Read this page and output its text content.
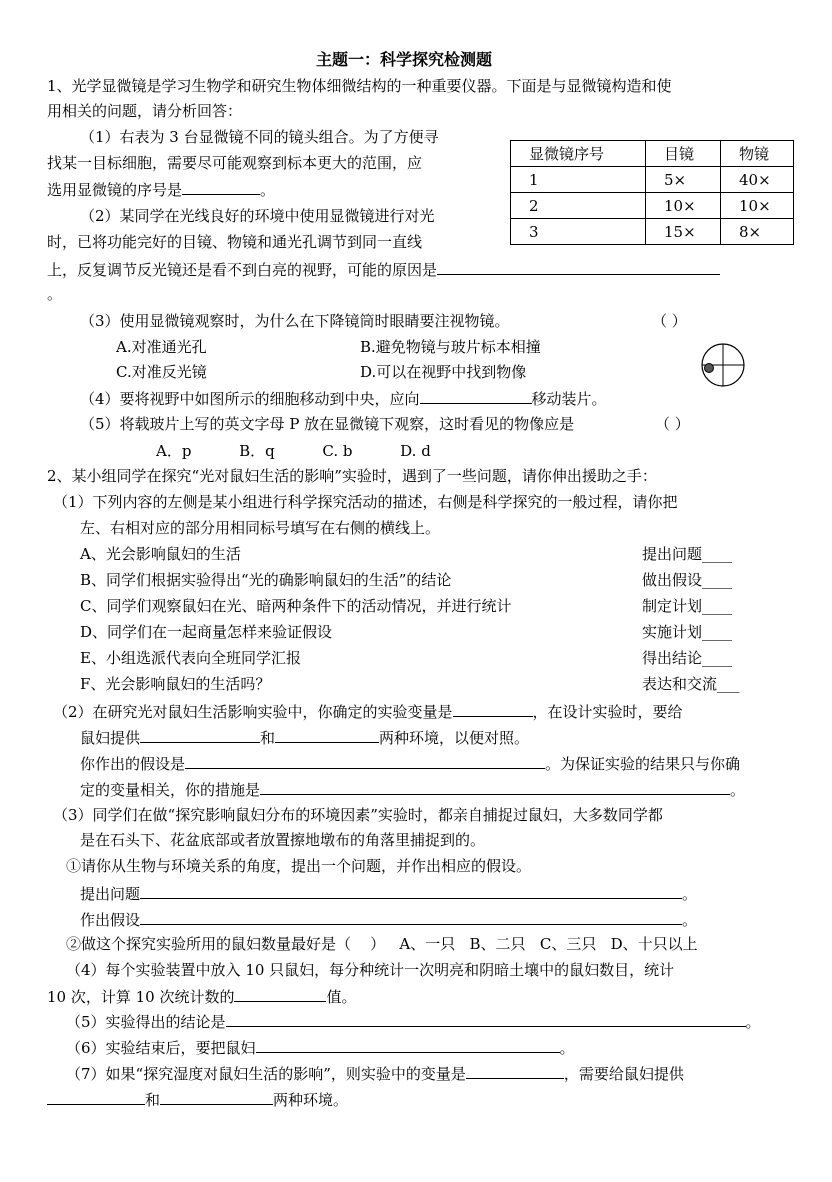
主题一：科学探究检测题
1、光学显微镜是学习生物学和研究生物体细微结构的一种重要仪器。下面是与显微镜构造和使
用相关的问题，请分析回答：
（1）右表为 3 台显微镜不同的镜头组合。为了方便寻
找某一目标细胞，需要尽可能观察到标本更大的范围，应
选用显微镜的序号是	。
（2）某同学在光线良好的环境中使用显微镜进行对光
时，已将功能完好的目镜、物镜和通光孔调节到同一直线
上，反复调节反光镜还是看不到白亮的视野，可能的原因是
。
显微镜序号	目镜	物镜
1	5×	40×
2	10×	10×
3	15×	8×
（3）使用显微镜观察时，为什么在下降镜筒时眼睛要注视物镜。	（ ）
A.对准通光孔	B.避免物镜与玻片标本相撞
C.对准反光镜	D.可以在视野中找到物像
（4）要将视野中如图所示的细胞移动到中央，应向	移动装片。
（5）将载玻片上写的英文字母 P 放在显微镜下观察，这时看见的物像应是	（ ）
A．p          B．q          C. b          D. d
2、某小组同学在探究“光对鼠妇生活的影响”实验时，遇到了一些问题，请你伸出援助之手：
（1）下列内容的左侧是某小组进行科学探究活动的描述，右侧是科学探究的一般过程，请你把
左、右相对应的部分用相同标号填写在右侧的横线上。
A、光会影响鼠妇的生活	提出问题____
B、同学们根据实验得出“光的确影响鼠妇的生活”的结论	做出假设____
C、同学们观察鼠妇在光、暗两种条件下的活动情况，并进行统计	制定计划____
D、同学们在一起商量怎样来验证假设	实施计划____
E、小组选派代表向全班同学汇报	得出结论____
F、光会影响鼠妇的生活吗？	表达和交流___
（2）在研究光对鼠妇生活影响实验中，你确定的实验变量是	，在设计实验时，要给
鼠妇提供	和	两种环境，以便对照。
你作出的假设是	。为保证实验的结果只与你确
定的变量相关，你的措施是	。
（3）同学们在做“探究影响鼠妇分布的环境因素”实验时，都亲自捕捉过鼠妇，大多数同学都
是在石头下、花盆底部或者放置擦地墩布的角落里捕捉到的。
①请你从生物与环境关系的角度，提出一个问题，并作出相应的假设。
提出问题	。
作出假设	。
②做这个探究实验所用的鼠妇数量最好是（    ）   A、一只   B、二只   C、三只   D、十只以上
（4）每个实验装置中放入 10 只鼠妇，每分种统计一次明亮和阴暗土壤中的鼠妇数目，统计
10 次，计算 10 次统计数的	值。
（5）实验得出的结论是	。
（6）实验结束后，要把鼠妇	。
（7）如果“探究湿度对鼠妇生活的影响”，则实验中的变量是	，需要给鼠妇提供
和	两种环境。
